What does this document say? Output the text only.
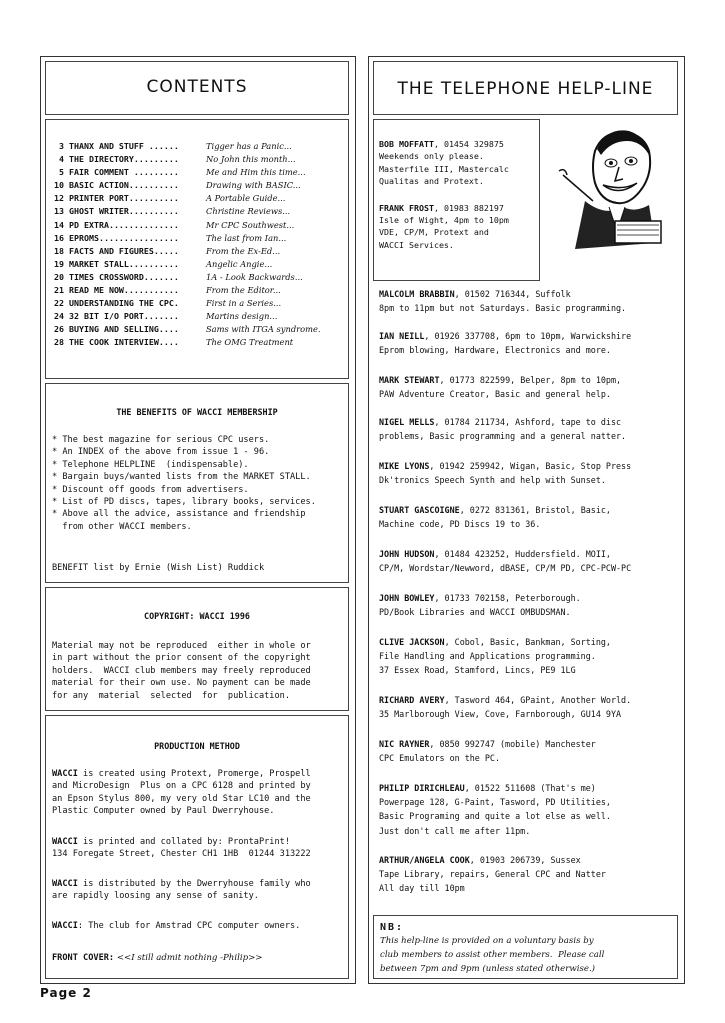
CONTENTS
3 THANX AND STUFF ......	Tigger has a Panic...
4 THE DIRECTORY.........	No John this month...
5 FAIR COMMENT .........	Me and Him this time...
10 BASIC ACTION..........	Drawing with BASIC...
12 PRINTER PORT..........	A Portable Guide...
13 GHOST WRITER..........	Christine Reviews...
14 PD EXTRA..............	Mr CPC Southwest...
16 EPROMS................	The last from Ian...
18 FACTS AND FIGURES.....	From the Ex-Ed...
19 MARKET STALL..........	Angelic Angie...
20 TIMES CROSSWORD.......	1A - Look Backwards...
21 READ ME NOW...........	From the Editor...
22 UNDERSTANDING THE CPC.	First in a Series...
24 32 BIT I/O PORT.......	Martins design...
26 BUYING AND SELLING....	Sams with ITGA syndrome.
28 THE COOK INTERVIEW....	The OMG Treatment
THE BENEFITS OF WACCI MEMBERSHIP
* The best magazine for serious CPC users.
* An INDEX of the above from issue 1 - 96.
* Telephone HELPLINE  (indispensable).
* Bargain buys/wanted lists from the MARKET STALL.
* Discount off goods from advertisers.
* List of PD discs, tapes, library books, services.
* Above all the advice, assistance and friendship
from other WACCI members.
BENEFIT list by Ernie (Wish List) Ruddick
COPYRIGHT: WACCI 1996
Material may not be reproduced  either in whole or
in part without the prior consent of the copyright
holders.  WACCI club members may freely reproduced
material for their own use. No payment can be made
for any  material  selected  for  publication.
PRODUCTION METHOD
WACCI is created using Protext, Promerge, Prospell
and MicroDesign  Plus on a CPC 6128 and printed by
an Epson Stylus 800, my very old Star LC10 and the
Plastic Computer owned by Paul Dwerryhouse.
WACCI is printed and collated by: ProntaPrint!
134 Foregate Street, Chester CH1 1HB  01244 313222
WACCI is distributed by the Dwerryhouse family who
are rapidly loosing any sense of sanity.
WACCI: The club for Amstrad CPC computer owners.
FRONT COVER: <<I still admit nothing -Philip>>
THE TELEPHONE HELP-LINE
BOB MOFFATT, 01454 329875
Weekends only please.
Masterfile III, Mastercalc
Qualitas and Protext.
FRANK FROST, 01983 882197
Isle of Wight, 4pm to 10pm
VDE, CP/M, Protext and
WACCI Services.
MALCOLM BRABBIN, 01502 716344, Suffolk
8pm to 11pm but not Saturdays. Basic programming.
IAN NEILL, 01926 337708, 6pm to 10pm, Warwickshire
Eprom blowing, Hardware, Electronics and more.
MARK STEWART, 01773 822599, Belper, 8pm to 10pm,
PAW Adventure Creator, Basic and general help.
NIGEL MELLS, 01784 211734, Ashford, tape to disc
problems, Basic programming and a general natter.
MIKE LYONS, 01942 259942, Wigan, Basic, Stop Press
Dk'tronics Speech Synth and help with Sunset.
STUART GASCOIGNE, 0272 831361, Bristol, Basic,
Machine code, PD Discs 19 to 36.
JOHN HUDSON, 01484 423252, Huddersfield. MOII,
CP/M, Wordstar/Newword, dBASE, CP/M PD, CPC-PCW-PC
JOHN BOWLEY, 01733 702158, Peterborough.
PD/Book Libraries and WACCI OMBUDSMAN.
CLIVE JACKSON, Cobol, Basic, Bankman, Sorting,
File Handling and Applications programming.
37 Essex Road, Stamford, Lincs, PE9 1LG
RICHARD AVERY, Tasword 464, GPaint, Another World.
35 Marlborough View, Cove, Farnborough, GU14 9YA
NIC RAYNER, 0850 992747 (mobile) Manchester
CPC Emulators on the PC.
PHILIP DIRICHLEAU, 01522 511608 (That's me)
Powerpage 128, G-Paint, Tasword, PD Utilities,
Basic Programing and quite a lot else as well.
Just don't call me after 11pm.
ARTHUR/ANGELA COOK, 01903 206739, Sussex
Tape Library, repairs, General CPC and Natter
All day till 10pm
NB:
This help-line is provided on a voluntary basis by
club members to assist other members.  Please call
between 7pm and 9pm (unless stated otherwise.)
Page 2
